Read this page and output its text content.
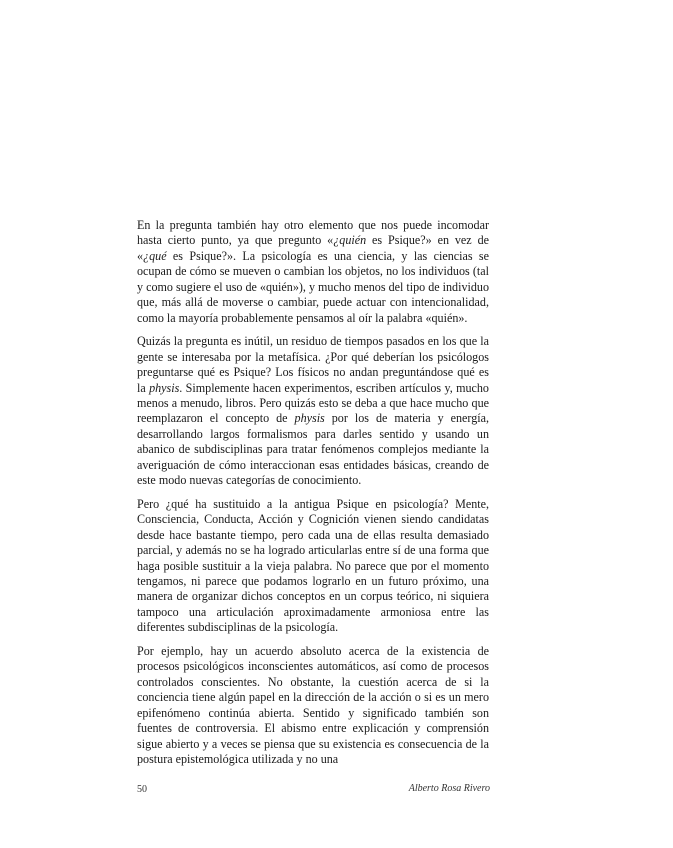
En la pregunta también hay otro elemento que nos puede incomodar hasta cierto punto, ya que pregunto «¿quién es Psique?» en vez de «¿qué es Psique?». La psicología es una ciencia, y las ciencias se ocupan de cómo se mueven o cambian los objetos, no los individuos (tal y como sugiere el uso de «quién»), y mucho menos del tipo de individuo que, más allá de moverse o cambiar, puede actuar con intencionalidad, como la mayoría probablemente pensamos al oír la palabra «quién».

Quizás la pregunta es inútil, un residuo de tiempos pasados en los que la gente se interesaba por la metafísica. ¿Por qué deberían los psicólogos preguntarse qué es Psique? Los físicos no andan preguntándose qué es la physis. Simplemente hacen experimentos, escriben artículos y, mucho menos a menudo, libros. Pero quizás esto se deba a que hace mucho que reemplazaron el concepto de physis por los de materia y energía, desarrollando largos formalismos para darles sentido y usando un abanico de subdisciplinas para tratar fenómenos complejos mediante la averiguación de cómo interaccionan esas entidades básicas, creando de este modo nuevas categorías de conocimiento.

Pero ¿qué ha sustituido a la antigua Psique en psicología? Mente, Consciencia, Conducta, Acción y Cognición vienen siendo candidatas desde hace bastante tiempo, pero cada una de ellas resulta demasiado parcial, y además no se ha logrado articularlas entre sí de una forma que haga posible sustituir a la vieja palabra. No parece que por el momento tengamos, ni parece que podamos lograrlo en un futuro próximo, una manera de organizar dichos conceptos en un corpus teórico, ni siquiera tampoco una articulación aproximadamente armoniosa entre las diferentes subdisciplinas de la psicología.

Por ejemplo, hay un acuerdo absoluto acerca de la existencia de procesos psicológicos inconscientes automáticos, así como de procesos controlados conscientes. No obstante, la cuestión acerca de si la conciencia tiene algún papel en la dirección de la acción o si es un mero epifenómeno continúa abierta. Sentido y significado también son fuentes de controversia. El abismo entre explicación y comprensión sigue abierto y a veces se piensa que su existencia es consecuencia de la postura epistemológica utilizada y no una

50	Alberto Rosa Rivero
